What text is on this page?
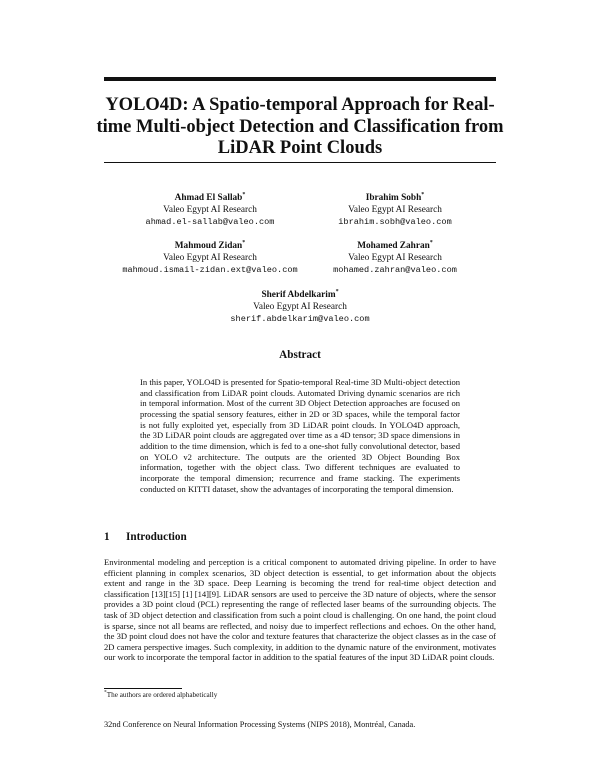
YOLO4D: A Spatio-temporal Approach for Real-time Multi-object Detection and Classification from LiDAR Point Clouds
Ahmad El Sallab*
Valeo Egypt AI Research
ahmad.el-sallab@valeo.com
Ibrahim Sobh*
Valeo Egypt AI Research
ibrahim.sobh@valeo.com
Mahmoud Zidan*
Valeo Egypt AI Research
mahmoud.ismail-zidan.ext@valeo.com
Mohamed Zahran*
Valeo Egypt AI Research
mohamed.zahran@valeo.com
Sherif Abdelkarim*
Valeo Egypt AI Research
sherif.abdelkarim@valeo.com
Abstract
In this paper, YOLO4D is presented for Spatio-temporal Real-time 3D Multi-object detection and classification from LiDAR point clouds. Automated Driving dynamic scenarios are rich in temporal information. Most of the current 3D Object Detection approaches are focused on processing the spatial sensory features, either in 2D or 3D spaces, while the temporal factor is not fully exploited yet, especially from 3D LiDAR point clouds. In YOLO4D approach, the 3D LiDAR point clouds are aggregated over time as a 4D tensor; 3D space dimensions in addition to the time dimension, which is fed to a one-shot fully convolutional detector, based on YOLO v2 architecture. The outputs are the oriented 3D Object Bounding Box information, together with the object class. Two different techniques are evaluated to incorporate the temporal dimension; recurrence and frame stacking. The experiments conducted on KITTI dataset, show the advantages of incorporating the temporal dimension.
1 Introduction
Environmental modeling and perception is a critical component to automated driving pipeline. In order to have efficient planning in complex scenarios, 3D object detection is essential, to get information about the objects extent and range in the 3D space. Deep Learning is becoming the trend for real-time object detection and classification [13][15] [1] [14][9]. LiDAR sensors are used to perceive the 3D nature of objects, where the sensor provides a 3D point cloud (PCL) representing the range of reflected laser beams of the surrounding objects. The task of 3D object detection and classification from such a point cloud is challenging. On one hand, the point cloud is sparse, since not all beams are reflected, and noisy due to imperfect reflections and echoes. On the other hand, the 3D point cloud does not have the color and texture features that characterize the object classes as in the case of 2D camera perspective images. Such complexity, in addition to the dynamic nature of the environment, motivates our work to incorporate the temporal factor in addition to the spatial features of the input 3D LiDAR point clouds.
*The authors are ordered alphabetically
32nd Conference on Neural Information Processing Systems (NIPS 2018), Montréal, Canada.
